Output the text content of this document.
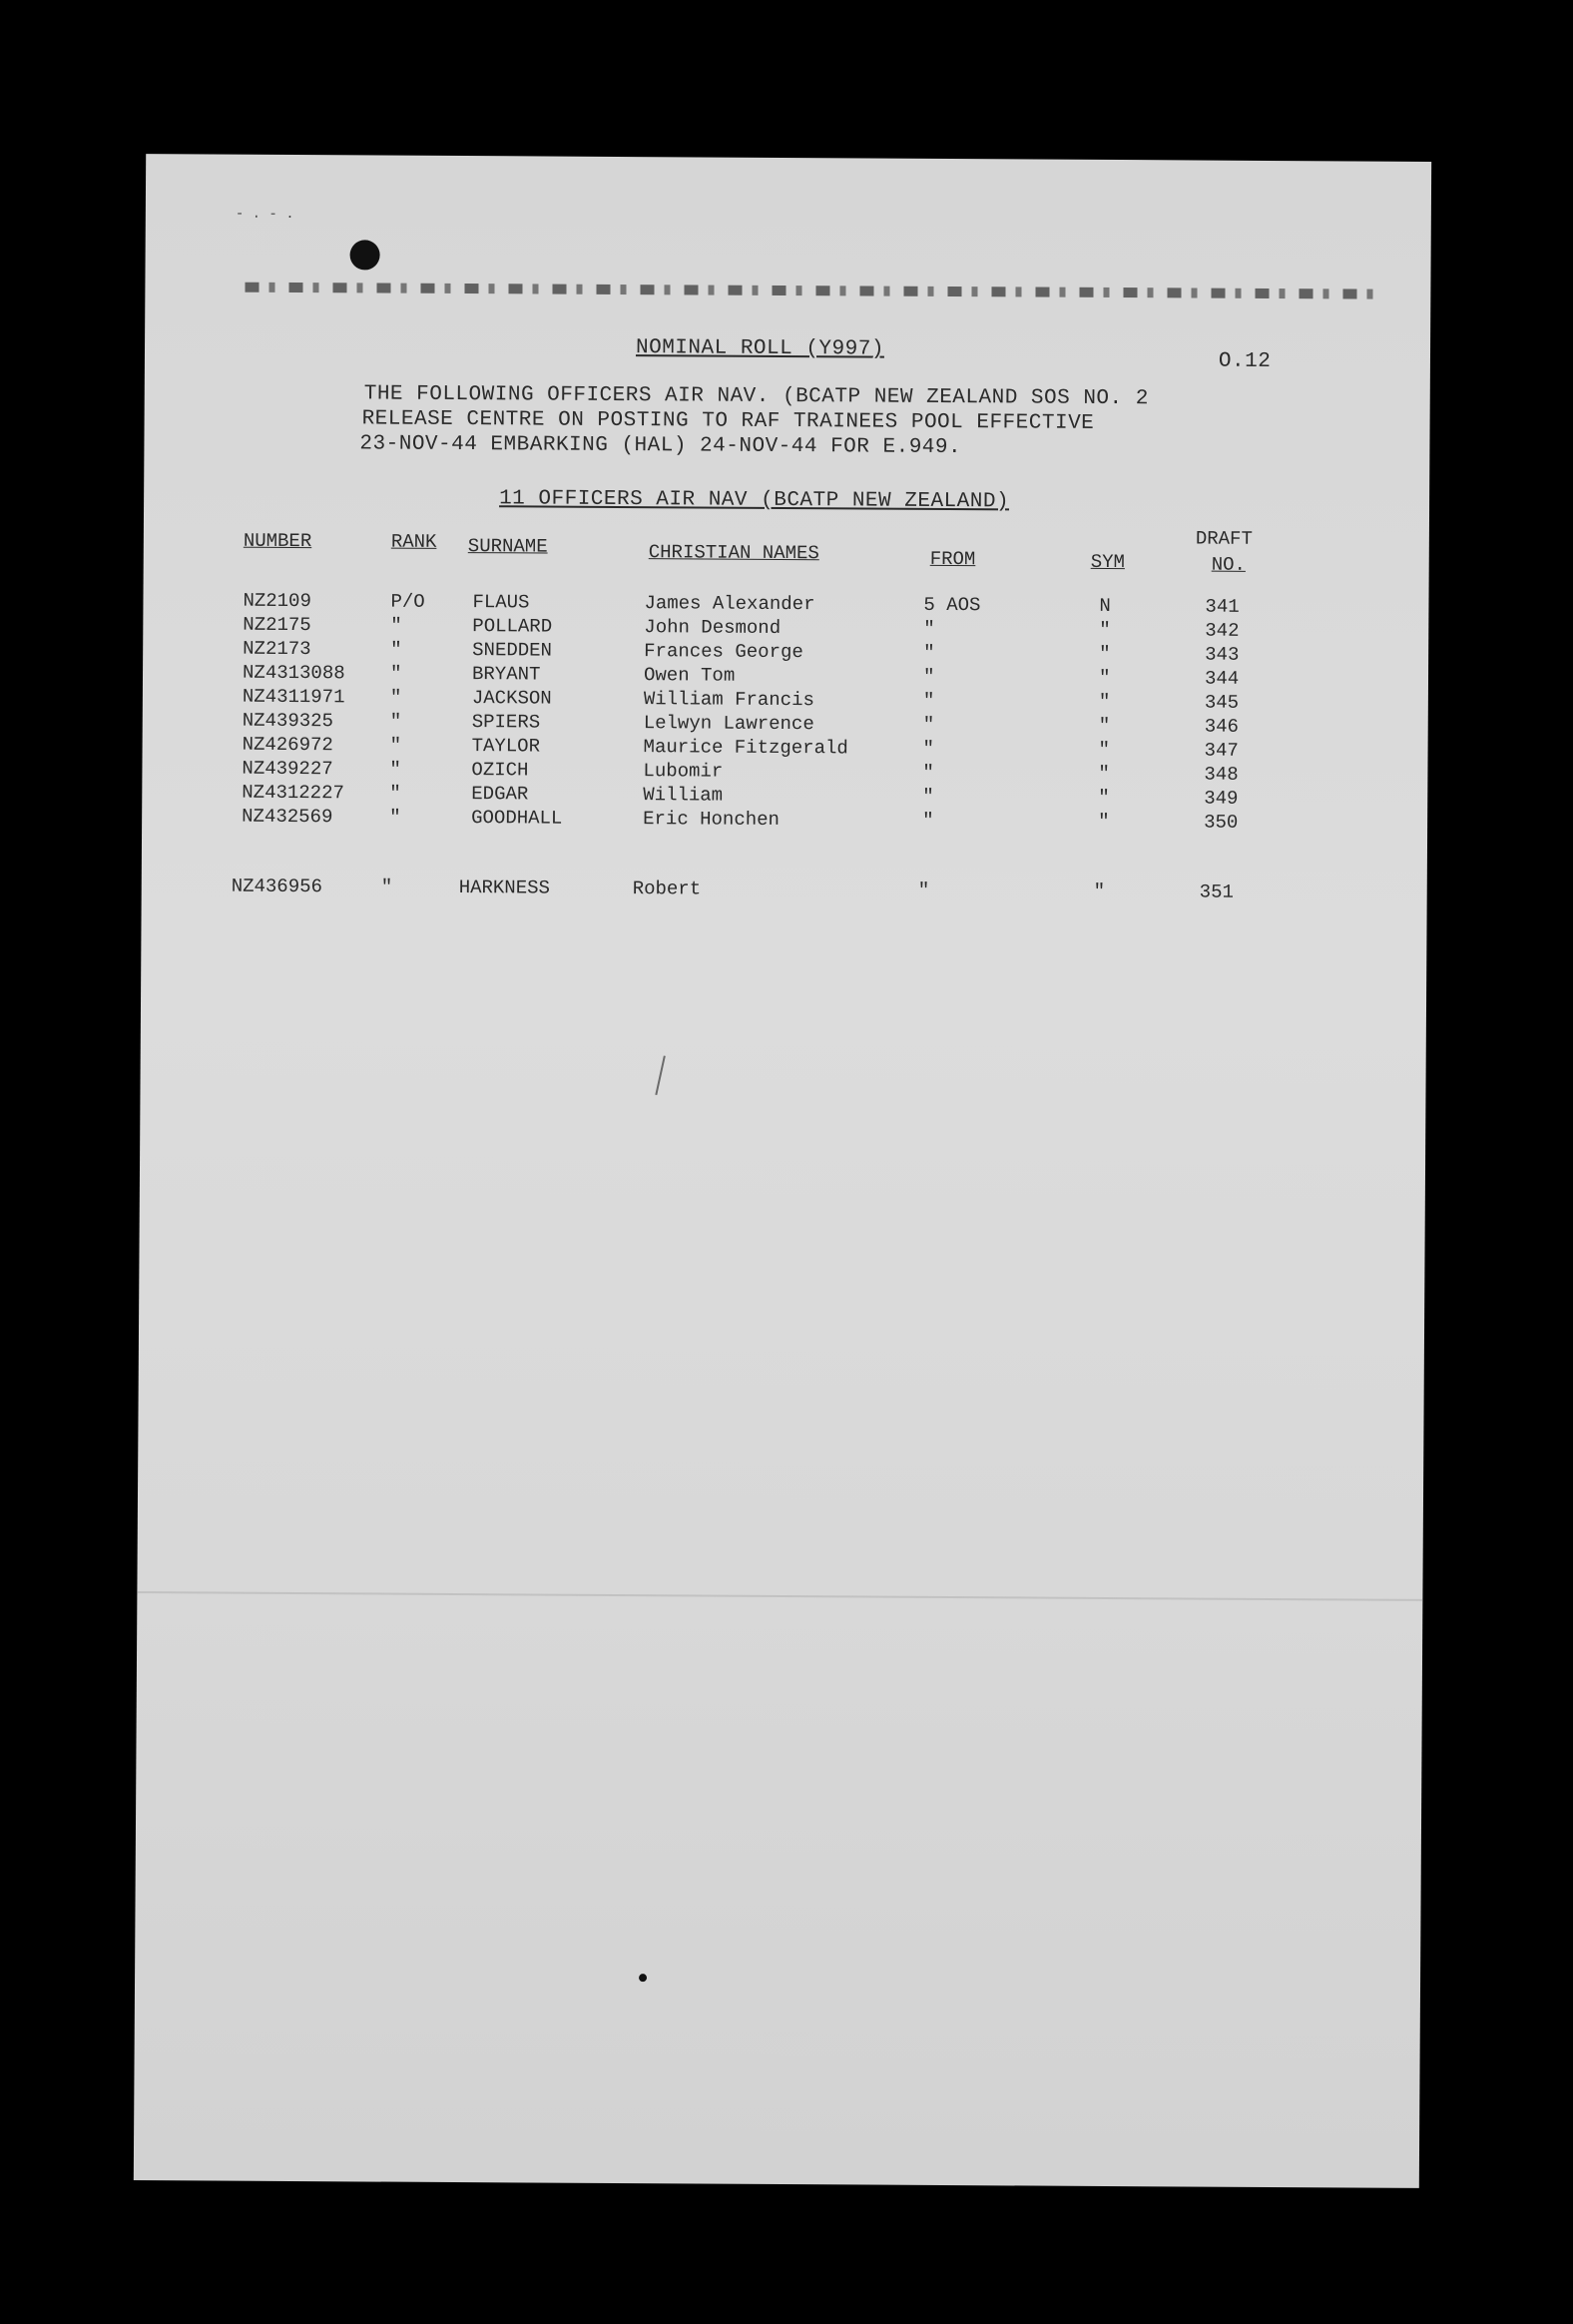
- . - .
NOMINAL ROLL (Y997)
O.12
THE FOLLOWING OFFICERS AIR NAV. (BCATP NEW ZEALAND SOS NO. 2
RELEASE CENTRE ON POSTING TO RAF TRAINEES POOL EFFECTIVE
23-NOV-44 EMBARKING (HAL) 24-NOV-44 FOR E.949.
11 OFFICERS AIR NAV (BCATP NEW ZEALAND)
NUMBER	RANK SURNAME	CHRISTIAN NAMES	FROM	SYM
DRAFT
NO.
NZ2109	P/O	FLAUS	James Alexander	5 AOS	N	341
NZ2175	"	POLLARD	John Desmond	"	"	342
NZ2173	"	SNEDDEN	Frances George	"	"	343
NZ4313088 "	BRYANT	Owen Tom	"	"	344
NZ4311971 "	JACKSON	William Francis	"	"	345
NZ439325	"	SPIERS	Lelwyn Lawrence	"	"	346
NZ426972	"	TAYLOR	Maurice Fitzgerald	"	"	347
NZ439227	"	OZICH	Lubomir	"	"	348
NZ4312227 "	EDGAR	William	"	"	349
NZ432569	"	GOODHALL	Eric Honchen	"	"	350
NZ436956	"	HARKNESS	Robert	"	"	351
